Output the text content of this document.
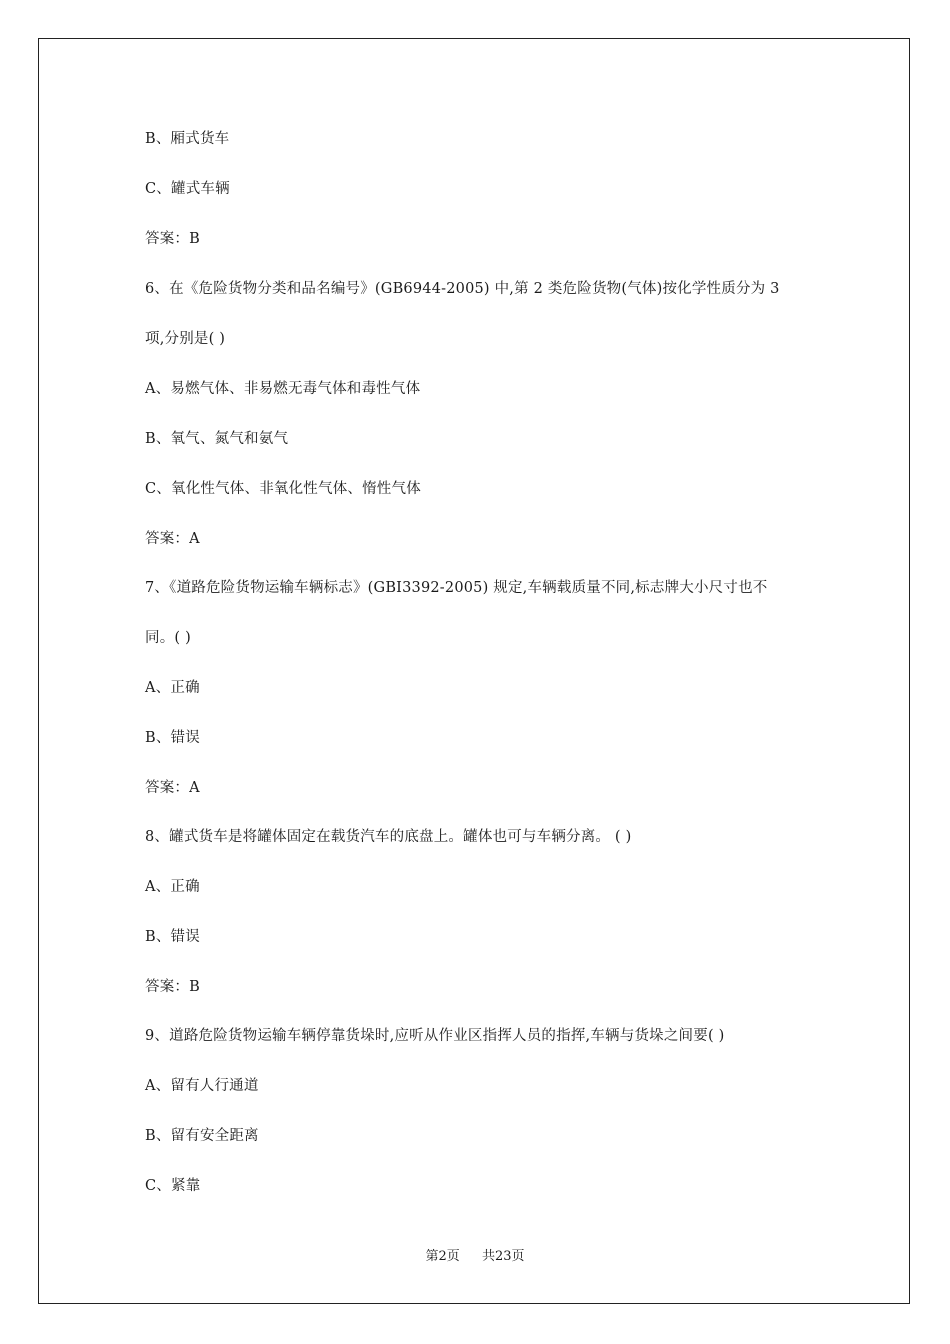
B、厢式货车
C、罐式车辆
答案：B
6、在《危险货物分类和品名编号》(GB6944-2005) 中,第 2 类危险货物(气体)按化学性质分为 3
项,分别是( )
A、易燃气体、非易燃无毒气体和毒性气体
B、氧气、氮气和氨气
C、氧化性气体、非氧化性气体、惰性气体
答案：A
7、《道路危险货物运输车辆标志》(GBI3392-2005) 规定,车辆载质量不同,标志牌大小尺寸也不
同。( )
A、正确
B、错误
答案：A
8、罐式货车是将罐体固定在载货汽车的底盘上。罐体也可与车辆分离。 ( )
A、正确
B、错误
答案：B
9、道路危险货物运输车辆停靠货垛时,应听从作业区指挥人员的指挥,车辆与货垛之间要( )
A、留有人行通道
B、留有安全距离
C、紧靠
第2页 共23页
